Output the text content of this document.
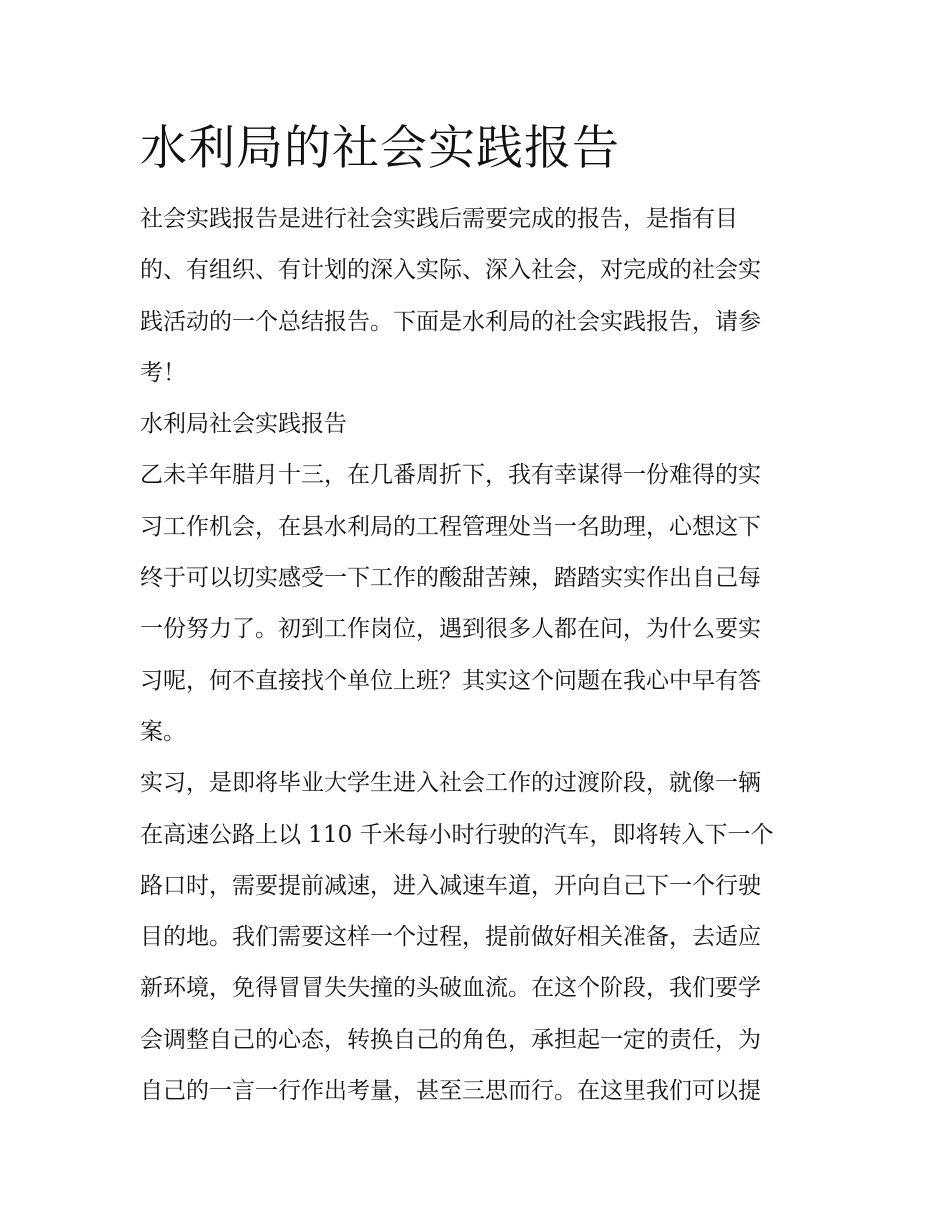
水利局的社会实践报告

社会实践报告是进行社会实践后需要完成的报告，是指有目
的、有组织、有计划的深入实际、深入社会，对完成的社会实
践活动的一个总结报告。下面是水利局的社会实践报告，请参
考！

水利局社会实践报告

乙未羊年腊月十三，在几番周折下，我有幸谋得一份难得的实
习工作机会，在县水利局的工程管理处当一名助理，心想这下
终于可以切实感受一下工作的酸甜苦辣，踏踏实实作出自己每
一份努力了。初到工作岗位，遇到很多人都在问，为什么要实
习呢，何不直接找个单位上班？其实这个问题在我心中早有答
案。

实习，是即将毕业大学生进入社会工作的过渡阶段，就像一辆
在高速公路上以 110 千米每小时行驶的汽车，即将转入下一个
路口时，需要提前减速，进入减速车道，开向自己下一个行驶
目的地。我们需要这样一个过程，提前做好相关准备，去适应
新环境，免得冒冒失失撞的头破血流。在这个阶段，我们要学
会调整自己的心态，转换自己的角色，承担起一定的责任，为
自己的一言一行作出考量，甚至三思而行。在这里我们可以提
